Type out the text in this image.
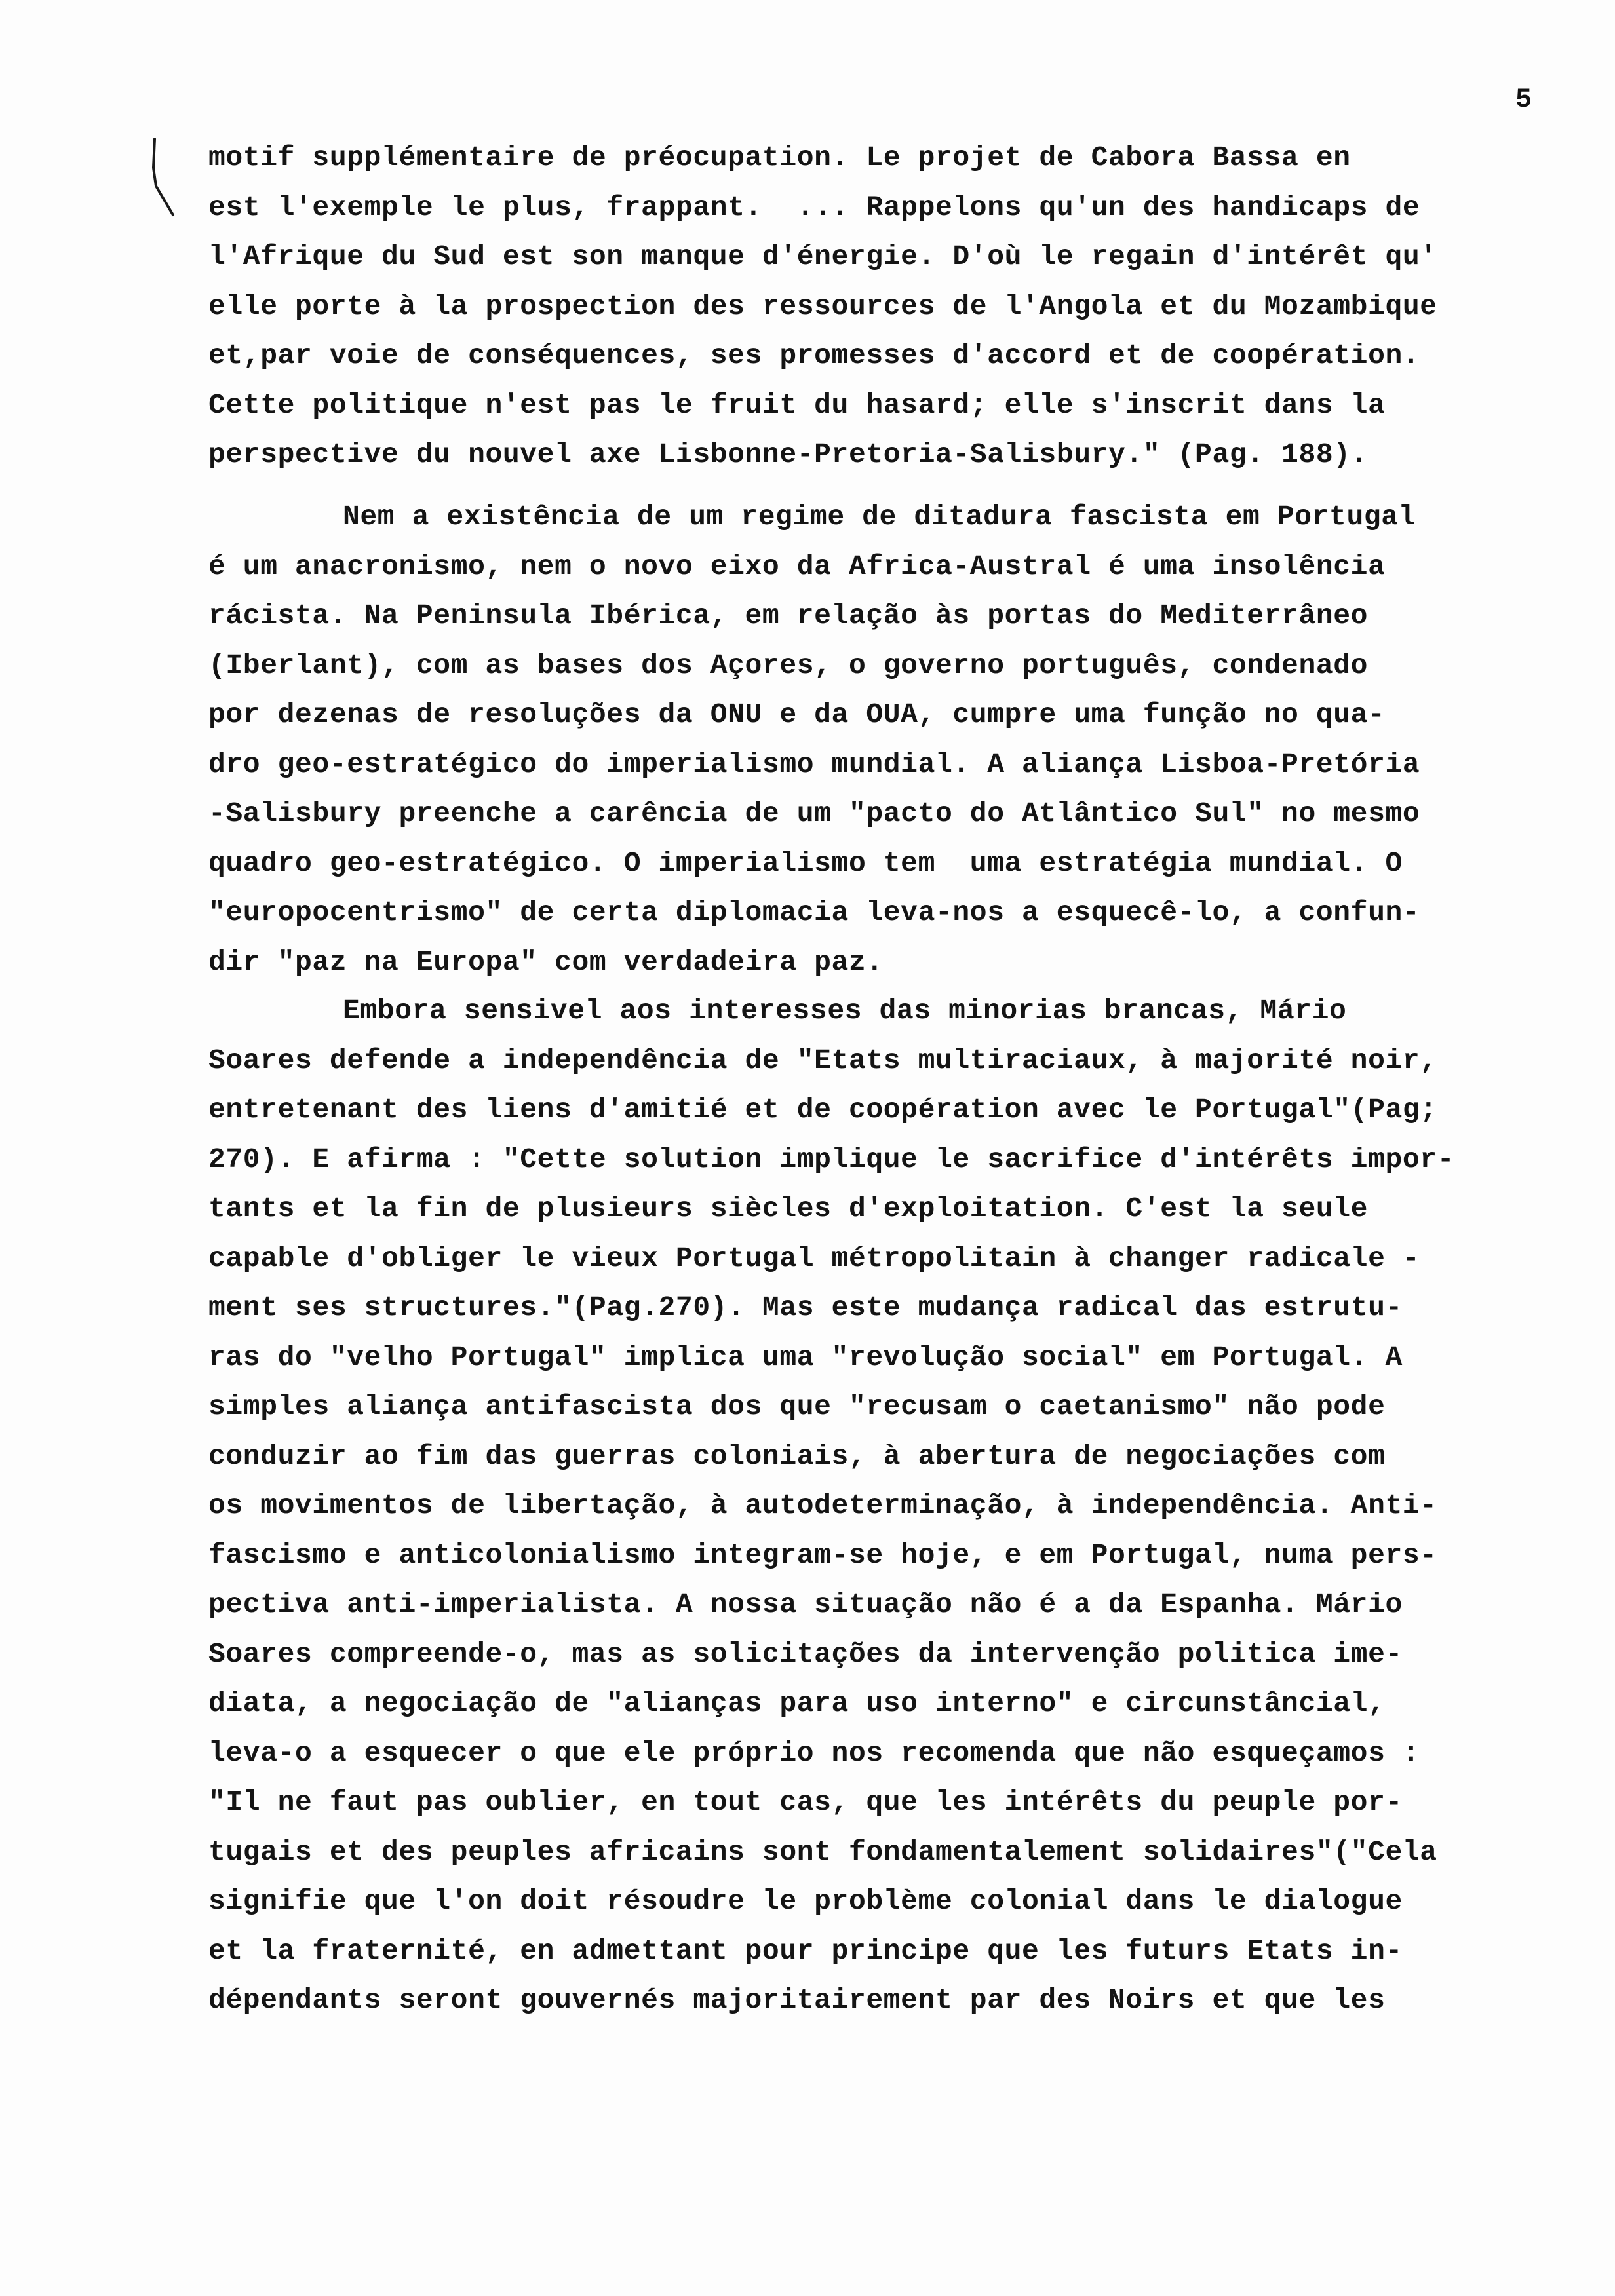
5
motif supplémentaire de préocupation. Le projet de Cabora Bassa en
est l'exemple le plus, frappant.  ... Rappelons qu'un des handicaps de
l'Afrique du Sud est son manque d'énergie. D'où le regain d'intérêt qu'
elle porte à la prospection des ressources de l'Angola et du Mozambique
et,par voie de conséquences, ses promesses d'accord et de coopération.
Cette politique n'est pas le fruit du hasard; elle s'inscrit dans la
perspective du nouvel axe Lisbonne-Pretoria-Salisbury." (Pag. 188).
Nem a existência de um regime de ditadura fascista em Portugal
é um anacronismo, nem o novo eixo da Africa-Austral é uma insolência
rácista. Na Peninsula Ibérica, em relação às portas do Mediterrâneo
(Iberlant), com as bases dos Açores, o governo português, condenado
por dezenas de resoluções da ONU e da OUA, cumpre uma função no qua-
dro geo-estratégico do imperialismo mundial. A aliança Lisboa-Pretória
-Salisbury preenche a carência de um "pacto do Atlântico Sul" no mesmo
quadro geo-estratégico. O imperialismo tem  uma estratégia mundial. O
"europocentrismo" de certa diplomacia leva-nos a esquecê-lo, a confun-
dir "paz na Europa" com verdadeira paz.
Embora sensivel aos interesses das minorias brancas, Mário
Soares defende a independência de "Etats multiraciaux, à majorité noir,
entretenant des liens d'amitié et de coopération avec le Portugal"(Pag;
270). E afirma : "Cette solution implique le sacrifice d'intérêts impor-
tants et la fin de plusieurs siècles d'exploitation. C'est la seule
capable d'obliger le vieux Portugal métropolitain à changer radicale -
ment ses structures."(Pag.270). Mas este mudança radical das estrutu-
ras do "velho Portugal" implica uma "revolução social" em Portugal. A
simples aliança antifascista dos que "recusam o caetanismo" não pode
conduzir ao fim das guerras coloniais, à abertura de negociações com
os movimentos de libertação, à autodeterminação, à independência. Anti-
fascismo e anticolonialismo integram-se hoje, e em Portugal, numa pers-
pectiva anti-imperialista. A nossa situação não é a da Espanha. Mário
Soares compreende-o, mas as solicitações da intervenção politica ime-
diata, a negociação de "alianças para uso interno" e circunstâncial,
leva-o a esquecer o que ele próprio nos recomenda que não esqueçamos :
"Il ne faut pas oublier, en tout cas, que les intérêts du peuple por-
tugais et des peuples africains sont fondamentalement solidaires"("Cela
signifie que l'on doit résoudre le problème colonial dans le dialogue
et la fraternité, en admettant pour principe que les futurs Etats in-
dépendants seront gouvernés majoritairement par des Noirs et que les
